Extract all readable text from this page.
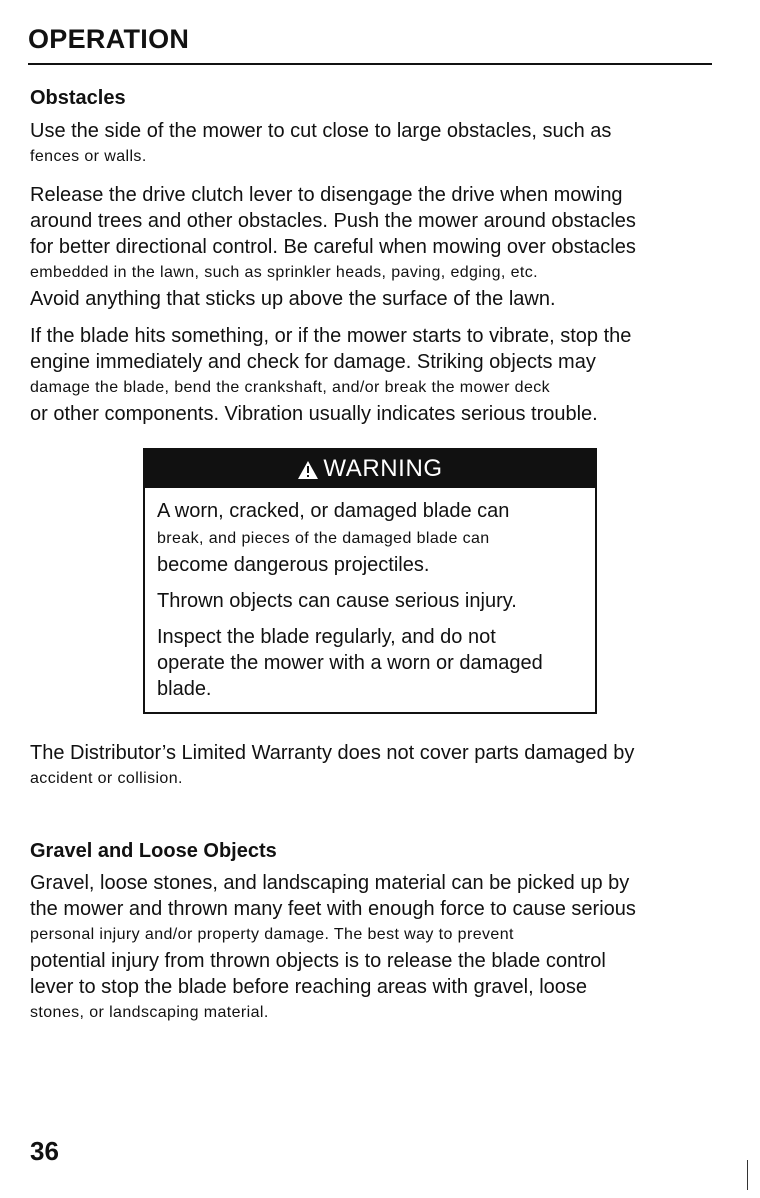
OPERATION
Obstacles
Use the side of the mower to cut close to large obstacles, such as
fences or walls.
Release the drive clutch lever to disengage the drive when mowing
around trees and other obstacles. Push the mower around obstacles
for better directional control. Be careful when mowing over obstacles
embedded in the lawn, such as sprinkler heads, paving, edging, etc.
Avoid anything that sticks up above the surface of the lawn.
If the blade hits something, or if the mower starts to vibrate, stop the
engine immediately and check for damage. Striking objects may
damage the blade, bend the crankshaft, and/or break the mower deck
or other components. Vibration usually indicates serious trouble.
WARNING

A worn, cracked, or damaged blade can
break, and pieces of the damaged blade can
become dangerous projectiles.

Thrown objects can cause serious injury.

Inspect the blade regularly, and do not
operate the mower with a worn or damaged
blade.

The Distributor’s Limited Warranty does not cover parts damaged by
accident or collision.
Gravel and Loose Objects
Gravel, loose stones, and landscaping material can be picked up by
the mower and thrown many feet with enough force to cause serious
personal injury and/or property damage. The best way to prevent
potential injury from thrown objects is to release the blade control
lever to stop the blade before reaching areas with gravel, loose
stones, or landscaping material.
36
